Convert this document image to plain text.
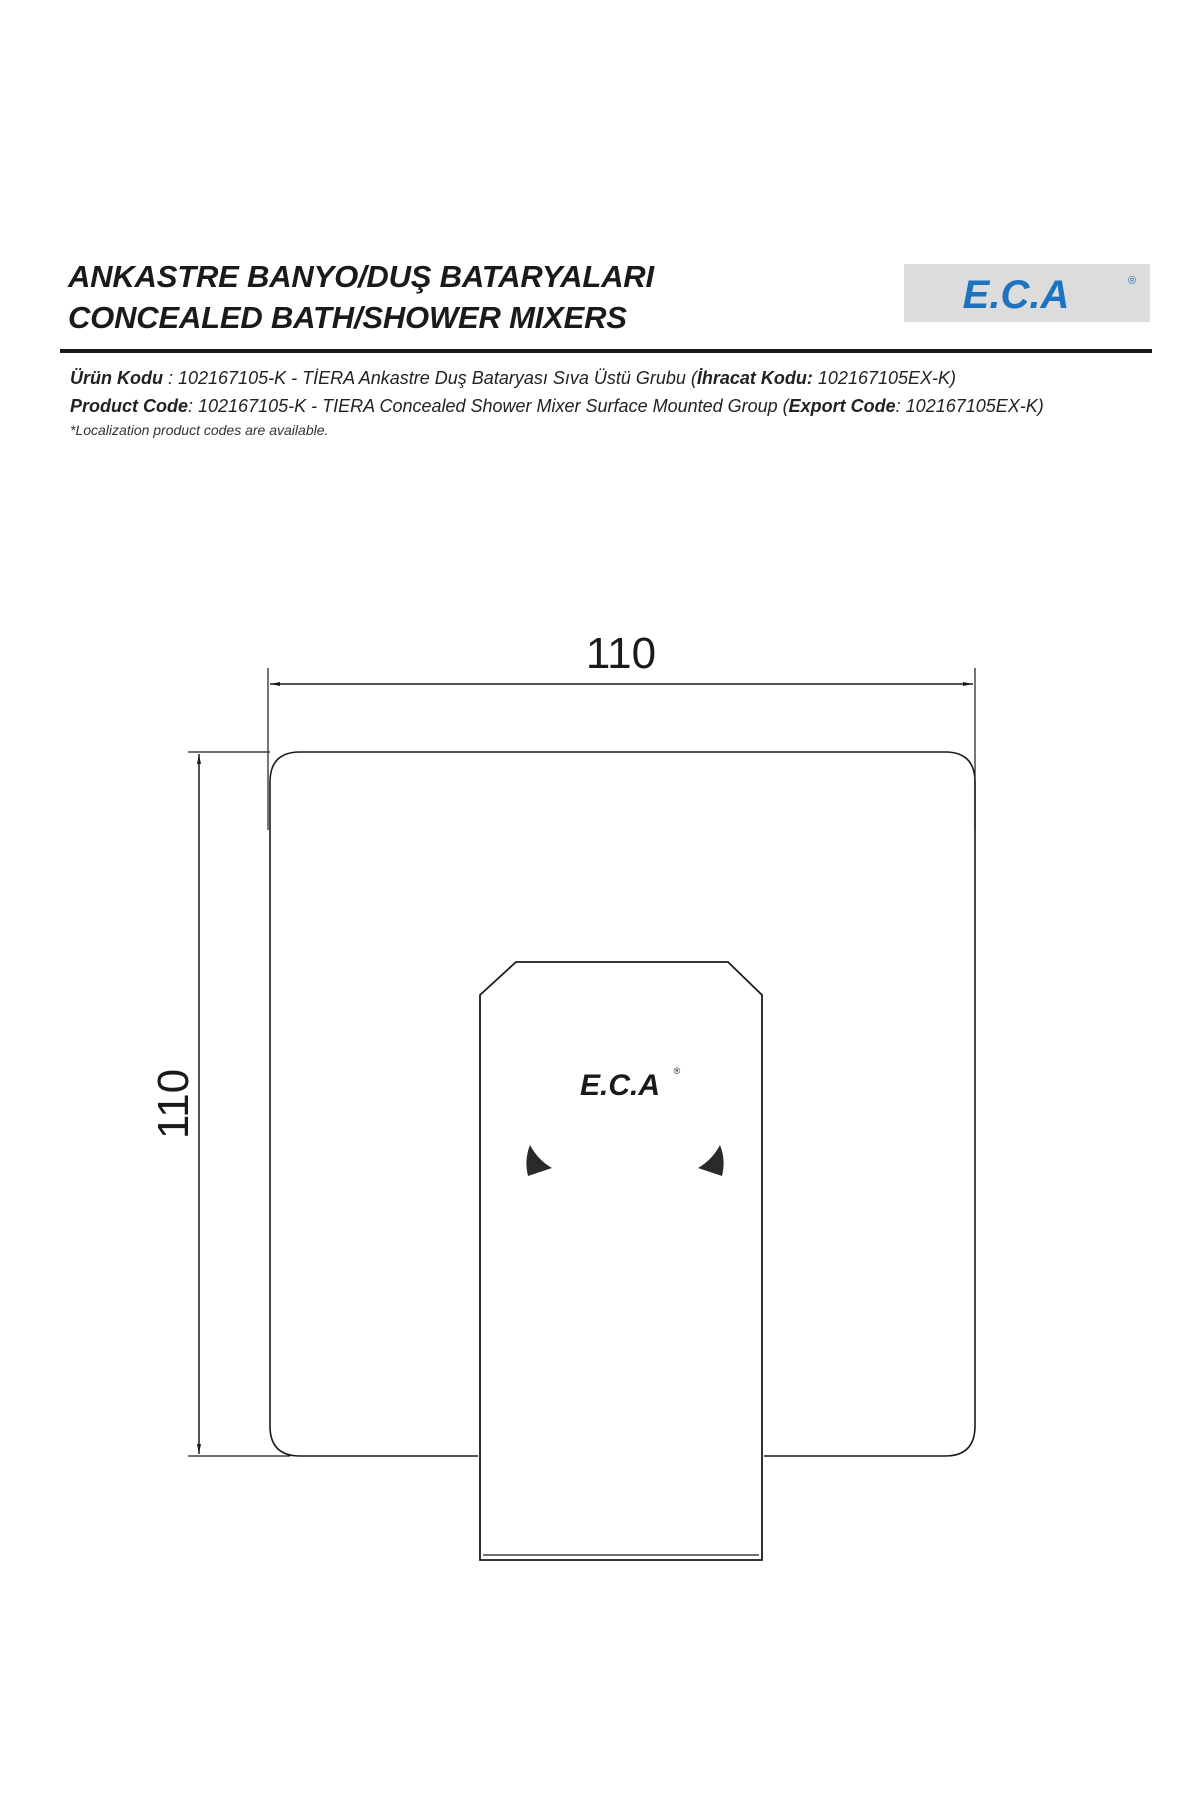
ANKASTRE BANYO/DUŞ BATARYALARI
CONCEALED BATH/SHOWER MIXERS
E.C.A	®

Ürün Kodu : 102167105-K - TİERA Ankastre Duş Bataryası Sıva Üstü Grubu (İhracat Kodu: 102167105EX-K)

Product Code: 102167105-K - TIERA Concealed Shower Mixer Surface Mounted Group (Export Code: 102167105EX-K)

*Localization product codes are available.

110
110	E.C.A ®
